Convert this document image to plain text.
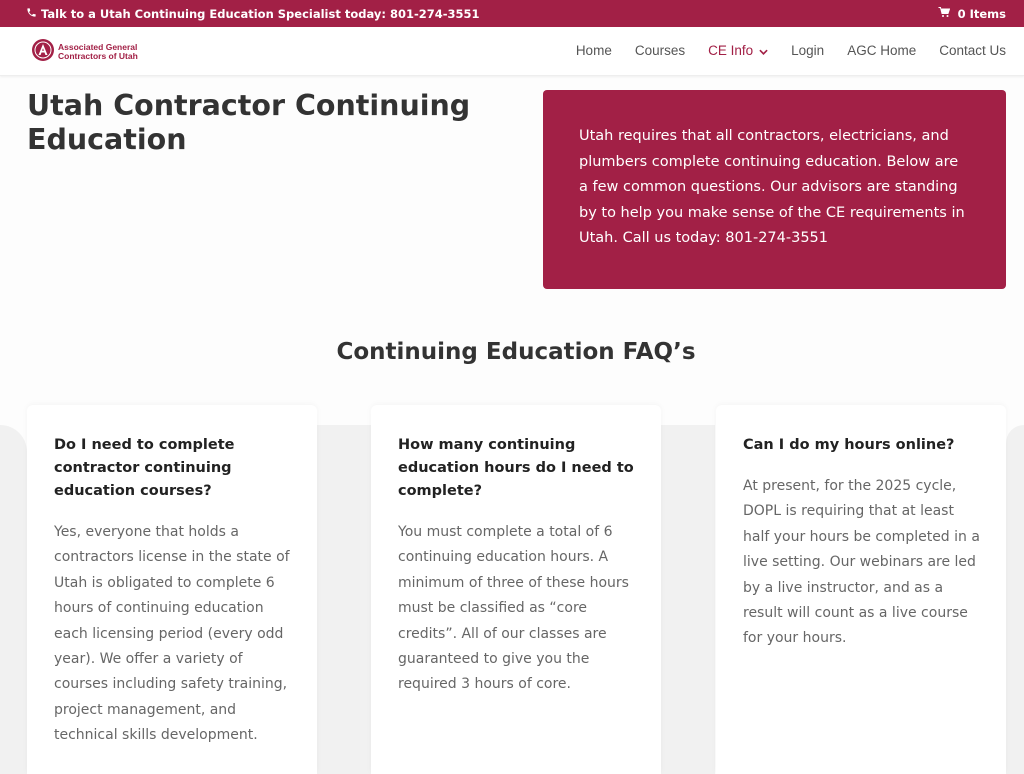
Talk to a Utah Continuing Education Specialist today: 801-274-3551	0 Items
Associated General
Contractors of Utah	Home Courses CE Info	Login AGC Home Contact Us
Utah Contractor Continuing Education	Utah requires that all contractors, electricians, and plumbers complete continuing education. Below are a few common questions. Our advisors are standing by to help you make sense of the CE requirements in Utah. Call us today: 801-274-3551

Continuing Education FAQ’s
Do I need to complete contractor continuing education courses?

Yes, everyone that holds a contractors license in the state of Utah is obligated to complete 6 hours of continuing education each licensing period (every odd year). We offer a variety of courses including safety training, project management, and technical skills development.

How many continuing education hours do I need to complete?

You must complete a total of 6 continuing education hours. A minimum of three of these hours must be classified as “core credits”. All of our classes are guaranteed to give you the required 3 hours of core.

Can I do my hours online?

At present, for the 2025 cycle, DOPL is requiring that at least half your hours be completed in a live setting. Our webinars are led by a live instructor, and as a result will count as a live course for your hours.
